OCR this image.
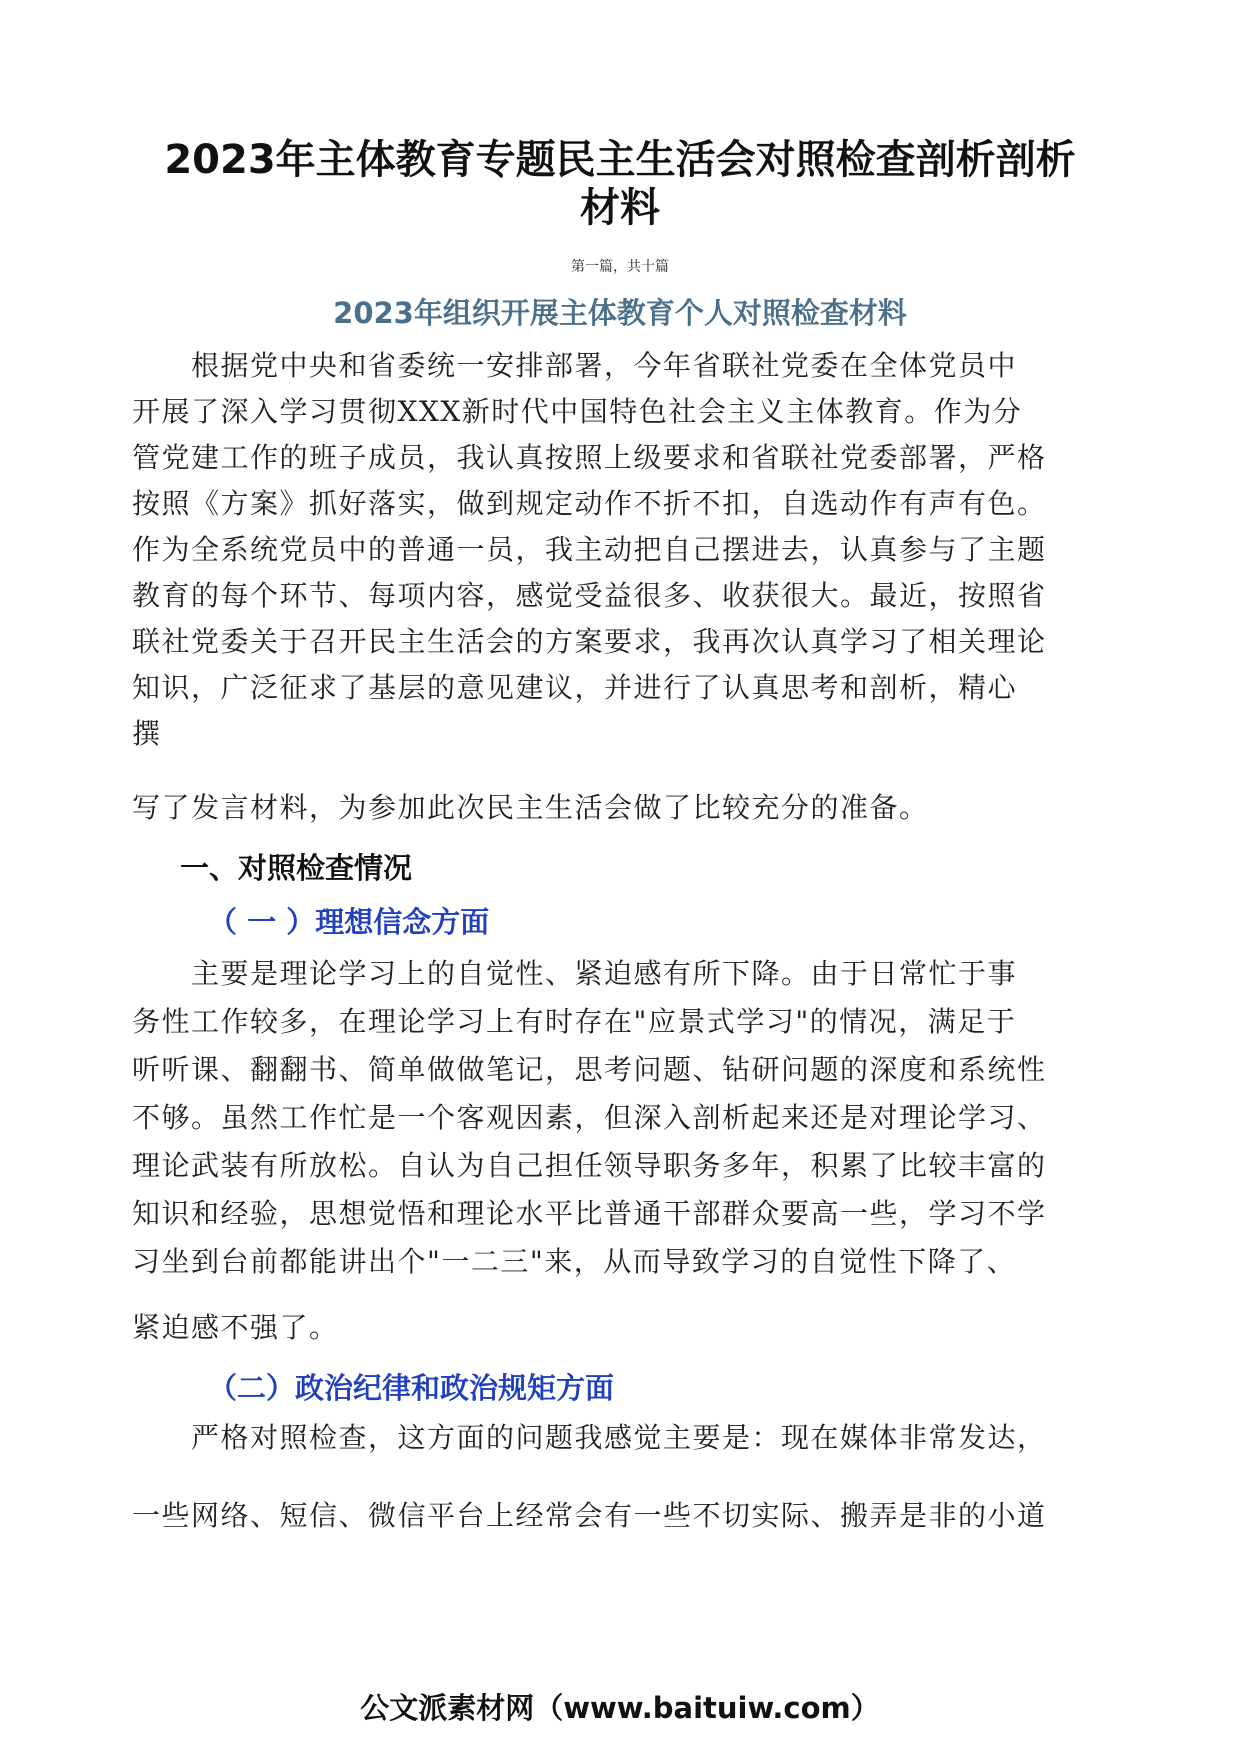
2023年主体教育专题民主生活会对照检查剖析剖析
材料
第一篇，共十篇
2023年组织开展主体教育个人对照检查材料
　　根据党中央和省委统一安排部署，今年省联社党委在全体党员中
开展了深入学习贯彻XXX新时代中国特色社会主义主体教育。作为分
管党建工作的班子成员，我认真按照上级要求和省联社党委部署，严格
按照《方案》抓好落实，做到规定动作不折不扣，自选动作有声有色。
作为全系统党员中的普通一员，我主动把自己摆进去，认真参与了主题
教育的每个环节、每项内容，感觉受益很多、收获很大。最近，按照省
联社党委关于召开民主生活会的方案要求，我再次认真学习了相关理论
知识，广泛征求了基层的意见建议，并进行了认真思考和剖析，精心
撰
写了发言材料，为参加此次民主生活会做了比较充分的准备。
一、对照检查情况
（ 一 ）理想信念方面
　　主要是理论学习上的自觉性、紧迫感有所下降。由于日常忙于事
务性工作较多，在理论学习上有时存在"应景式学习"的情况，满足于
听听课、翻翻书、简单做做笔记，思考问题、钻研问题的深度和系统性
不够。虽然工作忙是一个客观因素，但深入剖析起来还是对理论学习、
理论武装有所放松。自认为自己担任领导职务多年，积累了比较丰富的
知识和经验，思想觉悟和理论水平比普通干部群众要高一些，学习不学
习坐到台前都能讲出个"一二三"来，从而导致学习的自觉性下降了、
紧迫感不强了。
（二）政治纪律和政治规矩方面
　　严格对照检查，这方面的问题我感觉主要是：现在媒体非常发达，
一些网络、短信、微信平台上经常会有一些不切实际、搬弄是非的小道
公文派素材网（www.baituiw.com）
